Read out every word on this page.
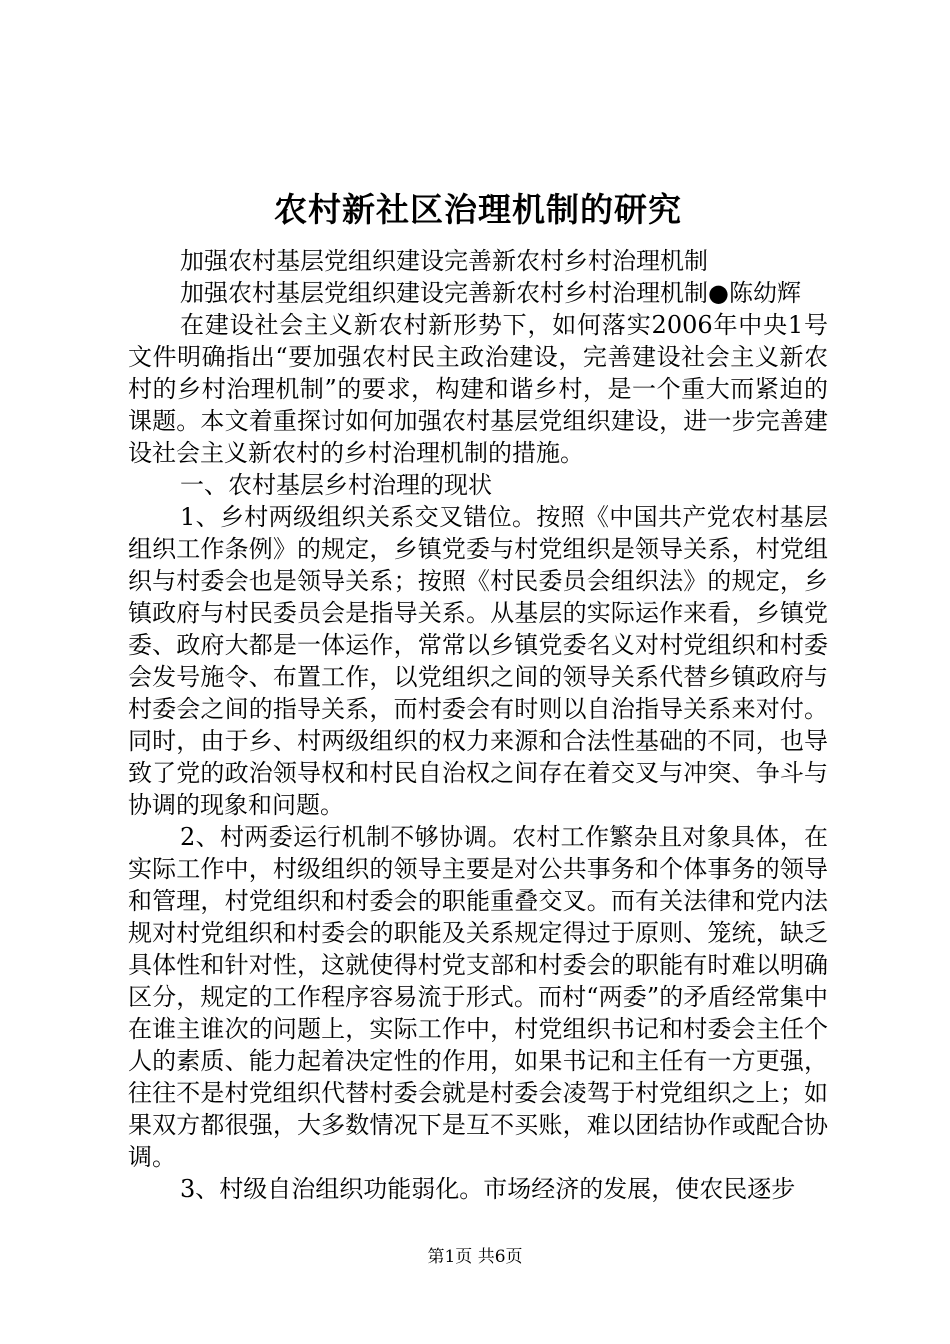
农村新社区治理机制的研究

加强农村基层党组织建设完善新农村乡村治理机制

加强农村基层党组织建设完善新农村乡村治理机制●陈幼辉

在建设社会主义新农村新形势下，如何落实2006年中央1号文件明确指出“要加强农村民主政治建设，完善建设社会主义新农村的乡村治理机制”的要求，构建和谐乡村，是一个重大而紧迫的课题。本文着重探讨如何加强农村基层党组织建设，进一步完善建设社会主义新农村的乡村治理机制的措施。

一、农村基层乡村治理的现状

1、乡村两级组织关系交叉错位。按照《中国共产党农村基层组织工作条例》的规定，乡镇党委与村党组织是领导关系，村党组织与村委会也是领导关系；按照《村民委员会组织法》的规定，乡镇政府与村民委员会是指导关系。从基层的实际运作来看，乡镇党委、政府大都是一体运作，常常以乡镇党委名义对村党组织和村委会发号施令、布置工作，以党组织之间的领导关系代替乡镇政府与村委会之间的指导关系，而村委会有时则以自治指导关系来对付。同时，由于乡、村两级组织的权力来源和合法性基础的不同，也导致了党的政治领导权和村民自治权之间存在着交叉与冲突、争斗与协调的现象和问题。

2、村两委运行机制不够协调。农村工作繁杂且对象具体，在实际工作中，村级组织的领导主要是对公共事务和个体事务的领导和管理，村党组织和村委会的职能重叠交叉。而有关法律和党内法规对村党组织和村委会的职能及关系规定得过于原则、笼统，缺乏具体性和针对性，这就使得村党支部和村委会的职能有时难以明确区分，规定的工作程序容易流于形式。而村“两委”的矛盾经常集中在谁主谁次的问题上，实际工作中，村党组织书记和村委会主任个人的素质、能力起着决定性的作用，如果书记和主任有一方更强，往往不是村党组织代替村委会就是村委会凌驾于村党组织之上；如果双方都很强，大多数情况下是互不买账，难以团结协作或配合协调。

3、村级自治组织功能弱化。市场经济的发展，使农民逐步

第1页 共6页
